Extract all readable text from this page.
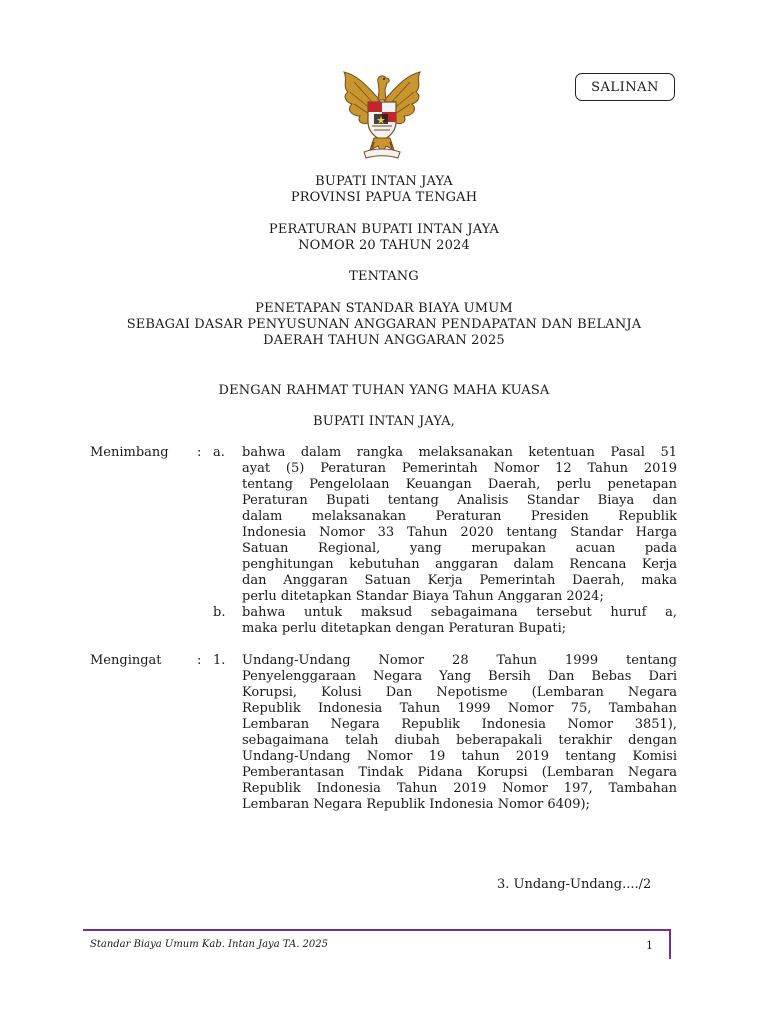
SALINAN
BUPATI INTAN JAYA
PROVINSI PAPUA TENGAH
PERATURAN BUPATI INTAN JAYA
NOMOR 20 TAHUN 2024
TENTANG
PENETAPAN STANDAR BIAYA UMUM
SEBAGAI DASAR PENYUSUNAN ANGGARAN PENDAPATAN DAN BELANJA
DAERAH TAHUN ANGGARAN 2025
DENGAN RAHMAT TUHAN YANG MAHA KUASA
BUPATI INTAN JAYA,
Menimbang : a. bahwa dalam rangka melaksanakan ketentuan Pasal 51
ayat (5) Peraturan Pemerintah Nomor 12 Tahun 2019
tentang Pengelolaan Keuangan Daerah, perlu penetapan
Peraturan Bupati tentang Analisis Standar Biaya dan
dalam melaksanakan Peraturan Presiden Republik
Indonesia Nomor 33 Tahun 2020 tentang Standar Harga
Satuan Regional, yang merupakan acuan pada
penghitungan kebutuhan anggaran dalam Rencana Kerja
dan Anggaran Satuan Kerja Pemerintah Daerah, maka
perlu ditetapkan Standar Biaya Tahun Anggaran 2024;
b. bahwa untuk maksud sebagaimana tersebut huruf a,
maka perlu ditetapkan dengan Peraturan Bupati;
Mengingat	: 1. Undang-Undang Nomor 28 Tahun 1999 tentang
Penyelenggaraan Negara Yang Bersih Dan Bebas Dari
Korupsi, Kolusi Dan Nepotisme (Lembaran Negara
Republik Indonesia Tahun 1999 Nomor 75, Tambahan
Lembaran Negara Republik Indonesia Nomor 3851),
sebagaimana telah diubah beberapakali terakhir dengan
Undang-Undang Nomor 19 tahun 2019 tentang Komisi
Pemberantasan Tindak Pidana Korupsi (Lembaran Negara
Republik Indonesia Tahun 2019 Nomor 197, Tambahan
Lembaran Negara Republik Indonesia Nomor 6409);
3. Undang-Undang..../2
Standar Biaya Umum Kab. Intan Jaya TA. 2025	1
